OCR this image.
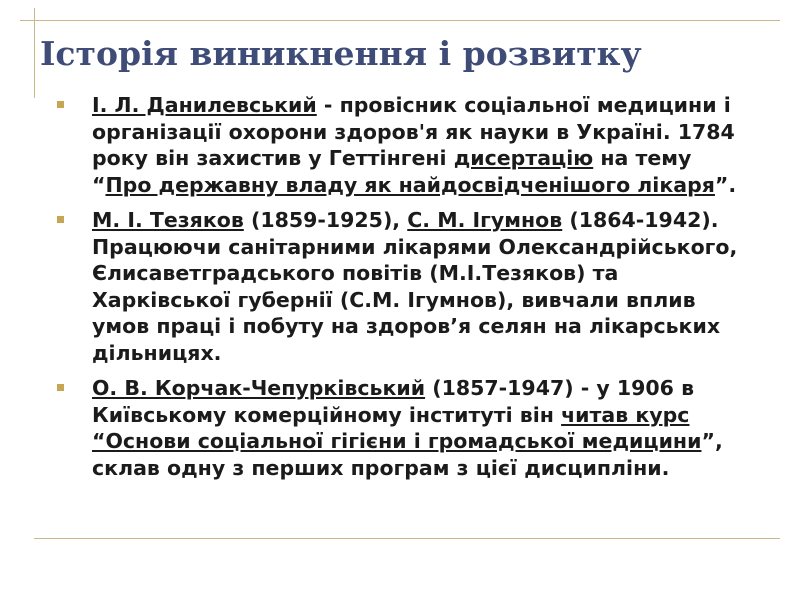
Історія виникнення і розвитку
І. Л. Данилевський - провісник соціальної медицини і організації охорони здоров'я як науки в Україні. 1784 року він захистив у Геттінгені дисертацію на тему “Про державну владу як найдосвідченішого лікаря”.
М. І. Тезяков (1859-1925), С. М. Ігумнов (1864-1942). Працюючи санітарними лікарями Олександрійського, Єлисаветградського повітів (М.І.Тезяков) та Харківської губернії (С.М. Ігумнов), вивчали вплив умов праці і побуту на здоров’я селян на лікарських дільницях.
О. В. Корчак-Чепурківський (1857-1947) - у 1906 в Київському комерційному інституті він читав курс “Основи соціальної гігієни і громадської медицини”, склав одну з перших програм з цієї дисципліни.
